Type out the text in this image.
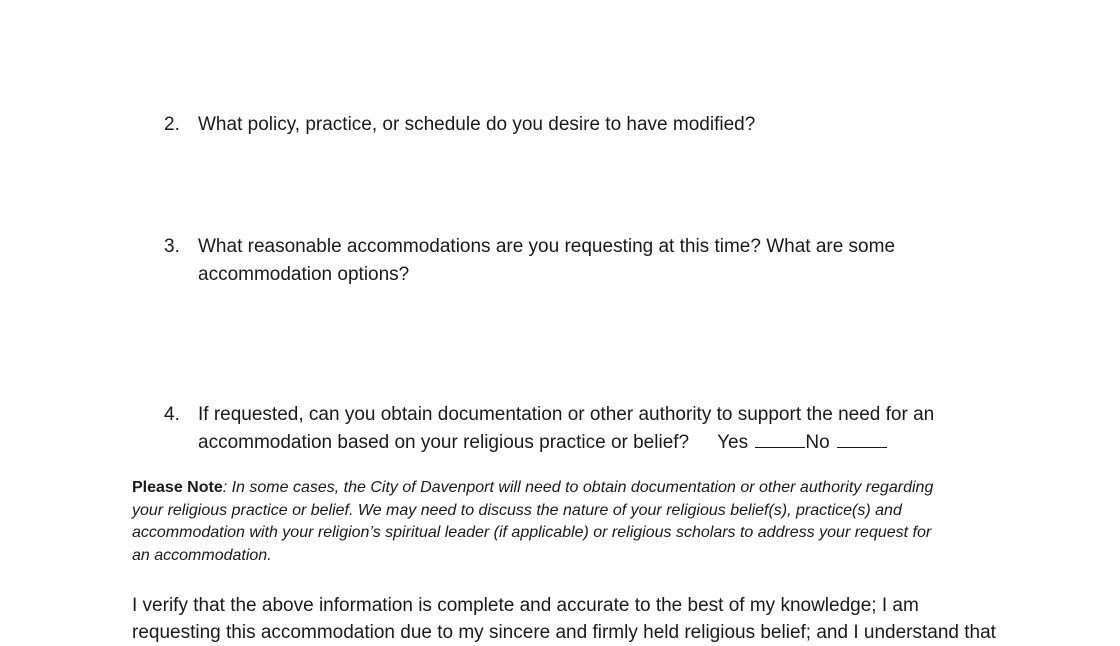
2. What policy, practice, or schedule do you desire to have modified?
3. What reasonable accommodations are you requesting at this time? What are some
accommodation options?
4. If requested, can you obtain documentation or other authority to support the need for an
accommodation based on your religious practice or belief? Yes	No
Please Note: In some cases, the City of Davenport will need to obtain documentation or other authority regarding
your religious practice or belief. We may need to discuss the nature of your religious belief(s), practice(s) and
accommodation with your religion’s spiritual leader (if applicable) or religious scholars to address your request for
an accommodation.
I verify that the above information is complete and accurate to the best of my knowledge; I am
requesting this accommodation due to my sincere and firmly held religious belief; and I understand that
